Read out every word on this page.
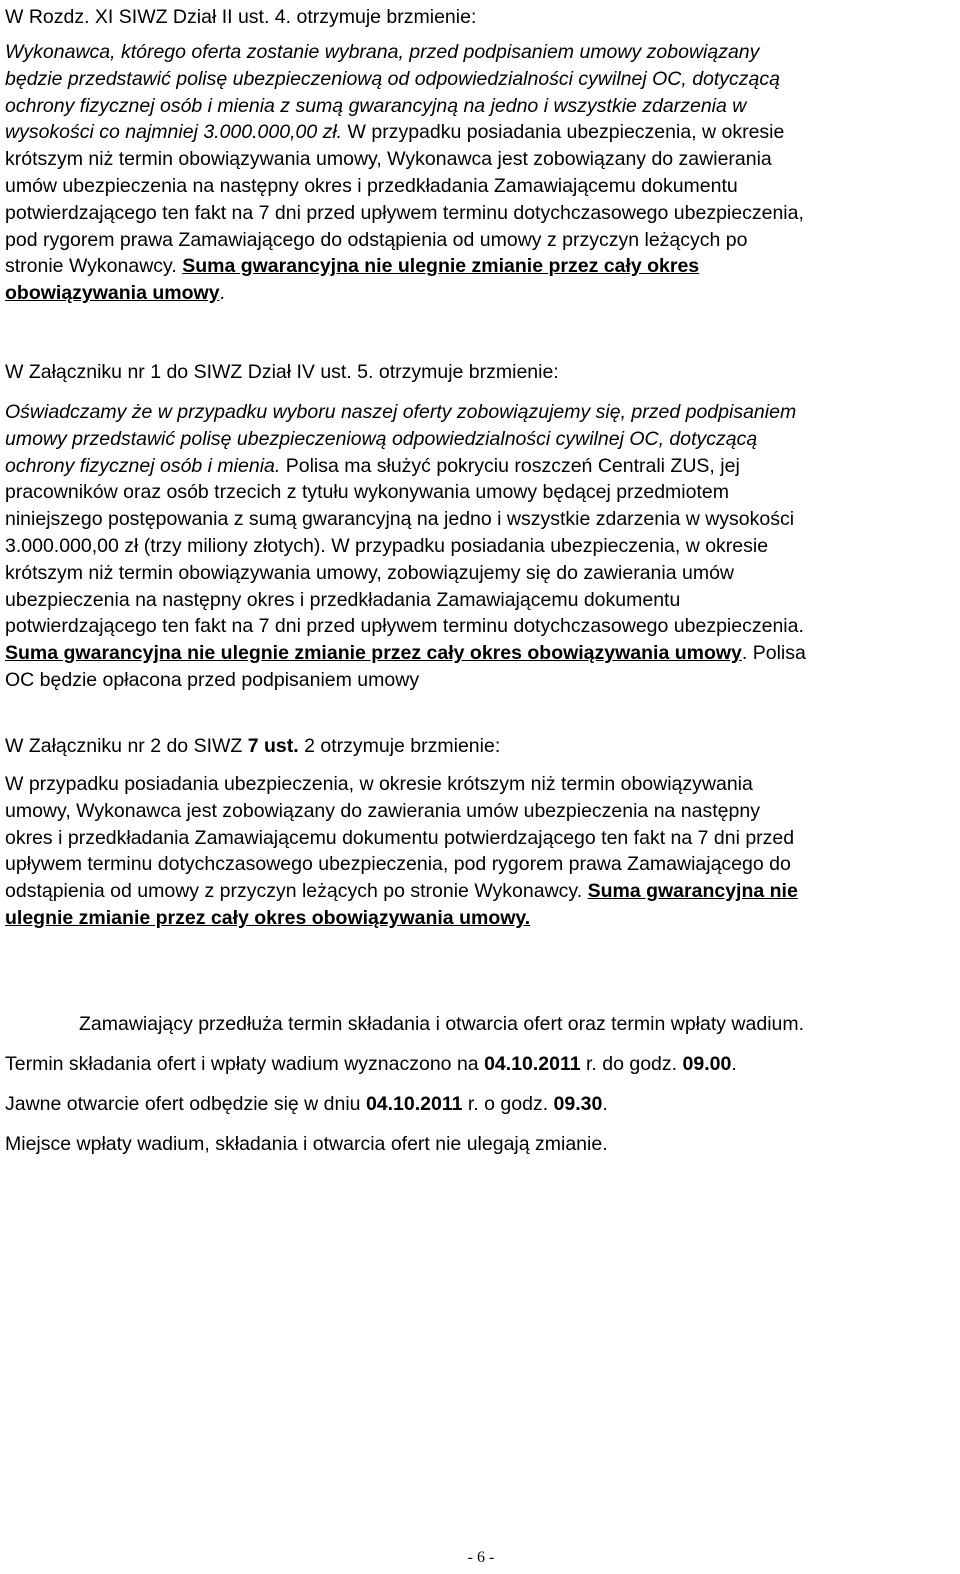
W Rozdz. XI SIWZ Dział II ust. 4. otrzymuje brzmienie:
Wykonawca, którego oferta zostanie wybrana, przed podpisaniem umowy zobowiązany
będzie przedstawić polisę ubezpieczeniową od odpowiedzialności cywilnej OC, dotyczącą
ochrony fizycznej osób i mienia z sumą gwarancyjną na jedno i wszystkie zdarzenia w
wysokości co najmniej 3.000.000,00 zł. W przypadku posiadania ubezpieczenia, w okresie
krótszym niż termin obowiązywania umowy, Wykonawca jest zobowiązany do zawierania
umów ubezpieczenia na następny okres i przedkładania Zamawiającemu dokumentu
potwierdzającego ten fakt na 7 dni przed upływem terminu dotychczasowego ubezpieczenia,
pod rygorem prawa Zamawiającego do odstąpienia od umowy z przyczyn leżących po
stronie Wykonawcy. Suma gwarancyjna nie ulegnie zmianie przez cały okres
obowiązywania umowy.
W Załączniku nr 1 do SIWZ Dział IV ust. 5. otrzymuje brzmienie:
Oświadczamy że w przypadku wyboru naszej oferty zobowiązujemy się, przed podpisaniem
umowy przedstawić polisę ubezpieczeniową odpowiedzialności cywilnej OC, dotyczącą
ochrony fizycznej osób i mienia. Polisa ma służyć pokryciu roszczeń Centrali ZUS, jej
pracowników oraz osób trzecich z tytułu wykonywania umowy będącej przedmiotem
niniejszego postępowania z sumą gwarancyjną na jedno i wszystkie zdarzenia w wysokości
3.000.000,00 zł (trzy miliony złotych). W przypadku posiadania ubezpieczenia, w okresie
krótszym niż termin obowiązywania umowy, zobowiązujemy się do zawierania umów
ubezpieczenia na następny okres i przedkładania Zamawiającemu dokumentu
potwierdzającego ten fakt na 7 dni przed upływem terminu dotychczasowego ubezpieczenia.
Suma gwarancyjna nie ulegnie zmianie przez cały okres obowiązywania umowy. Polisa
OC będzie opłacona przed podpisaniem umowy
W Załączniku nr 2 do SIWZ 7 ust. 2 otrzymuje brzmienie:
W przypadku posiadania ubezpieczenia, w okresie krótszym niż termin obowiązywania
umowy, Wykonawca jest zobowiązany do zawierania umów ubezpieczenia na następny
okres i przedkładania Zamawiającemu dokumentu potwierdzającego ten fakt na 7 dni przed
upływem terminu dotychczasowego ubezpieczenia, pod rygorem prawa Zamawiającego do
odstąpienia od umowy z przyczyn leżących po stronie Wykonawcy. Suma gwarancyjna nie
ulegnie zmianie przez cały okres obowiązywania umowy.
Zamawiający przedłuża termin składania i otwarcia ofert oraz termin wpłaty wadium.
Termin składania ofert i wpłaty wadium wyznaczono na 04.10.2011 r. do godz. 09.00.
Jawne otwarcie ofert odbędzie się w dniu 04.10.2011 r. o godz. 09.30.
Miejsce wpłaty wadium, składania i otwarcia ofert nie ulegają zmianie.
- 6 -
